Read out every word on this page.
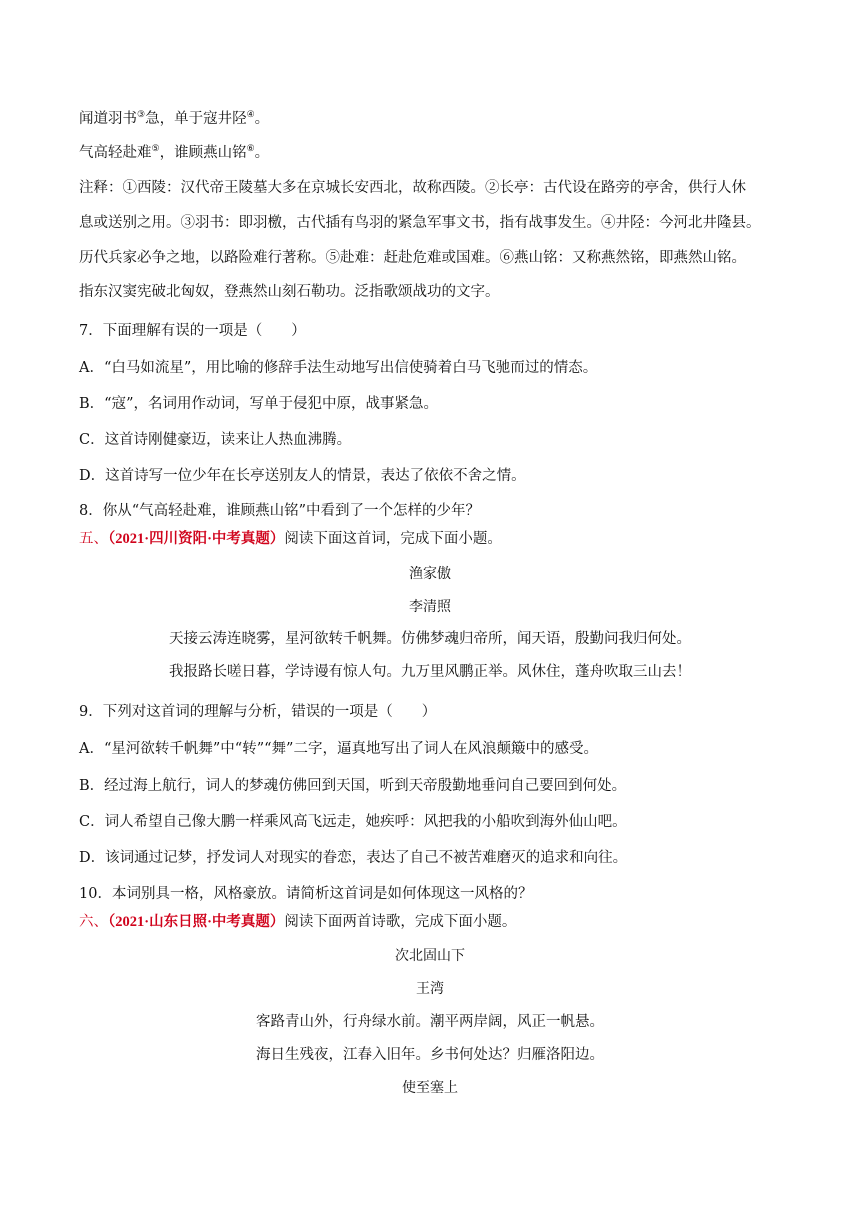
闻道羽书③急，单于寇井陉④。

气高轻赴难⑤，谁顾燕山铭⑥。

注释：①西陵：汉代帝王陵墓大多在京城长安西北，故称西陵。②长亭：古代设在路旁的亭舍，供行人休

息或送别之用。③羽书：即羽檄，古代插有鸟羽的紧急军事文书，指有战事发生。④井陉：今河北井隆县。

历代兵家必争之地，以路险难行著称。⑤赴难：赶赴危难或国难。⑥燕山铭：又称燕然铭，即燕然山铭。

指东汉窦宪破北匈奴，登燕然山刻石勒功。泛指歌颂战功的文字。

7．下面理解有误的一项是（　　）

A．“白马如流星”，用比喻的修辞手法生动地写出信使骑着白马飞驰而过的情态。

B．“寇”，名词用作动词，写单于侵犯中原，战事紧急。

C．这首诗刚健豪迈，读来让人热血沸腾。

D．这首诗写一位少年在长亭送别友人的情景，表达了依依不舍之情。

8．你从“气高轻赴难，谁顾燕山铭”中看到了一个怎样的少年？

五、（2021·四川资阳·中考真题）阅读下面这首词，完成下面小题。

渔家傲

李清照

天接云涛连晓雾，星河欲转千帆舞。仿佛梦魂归帝所，闻天语，殷勤问我归何处。

我报路长嗟日暮，学诗谩有惊人句。九万里风鹏正举。风休住，蓬舟吹取三山去！

9．下列对这首词的理解与分析，错误的一项是（　　）

A．“星河欲转千帆舞”中“转”“舞”二字，逼真地写出了词人在风浪颠簸中的感受。

B．经过海上航行，词人的梦魂仿佛回到天国，听到天帝殷勤地垂问自己要回到何处。

C．词人希望自己像大鹏一样乘风高飞远走，她疾呼：风把我的小船吹到海外仙山吧。

D．该词通过记梦，抒发词人对现实的眷恋，表达了自己不被苦难磨灭的追求和向往。

10．本词别具一格，风格豪放。请简析这首词是如何体现这一风格的？

六、（2021·山东日照·中考真题）阅读下面两首诗歌，完成下面小题。

次北固山下

王湾

客路青山外，行舟绿水前。潮平两岸阔，风正一帆悬。

海日生残夜，江春入旧年。乡书何处达？归雁洛阳边。

使至塞上
